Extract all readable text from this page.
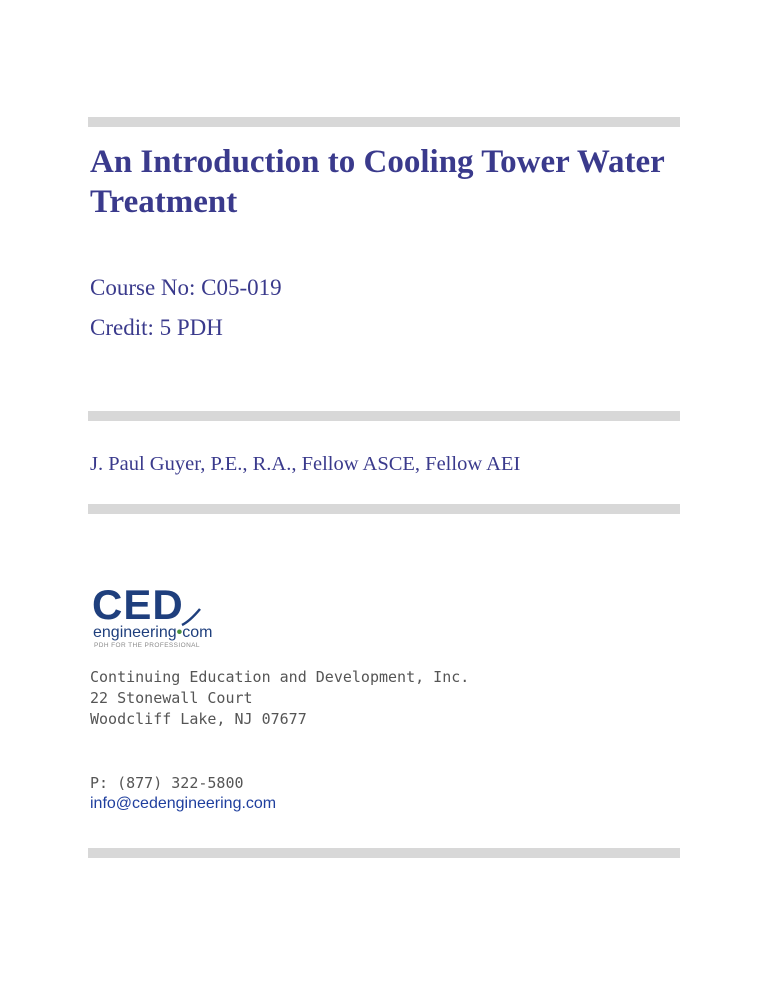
An Introduction to Cooling Tower Water Treatment

Course No: C05-019

Credit: 5 PDH

J. Paul Guyer, P.E., R.A., Fellow ASCE, Fellow AEI

CED

engineering•com

PDH FOR THE PROFESSIONAL

Continuing Education and Development, Inc.

22 Stonewall Court

Woodcliff Lake, NJ 07677

P: (877) 322-5800

info@cedengineering.com
